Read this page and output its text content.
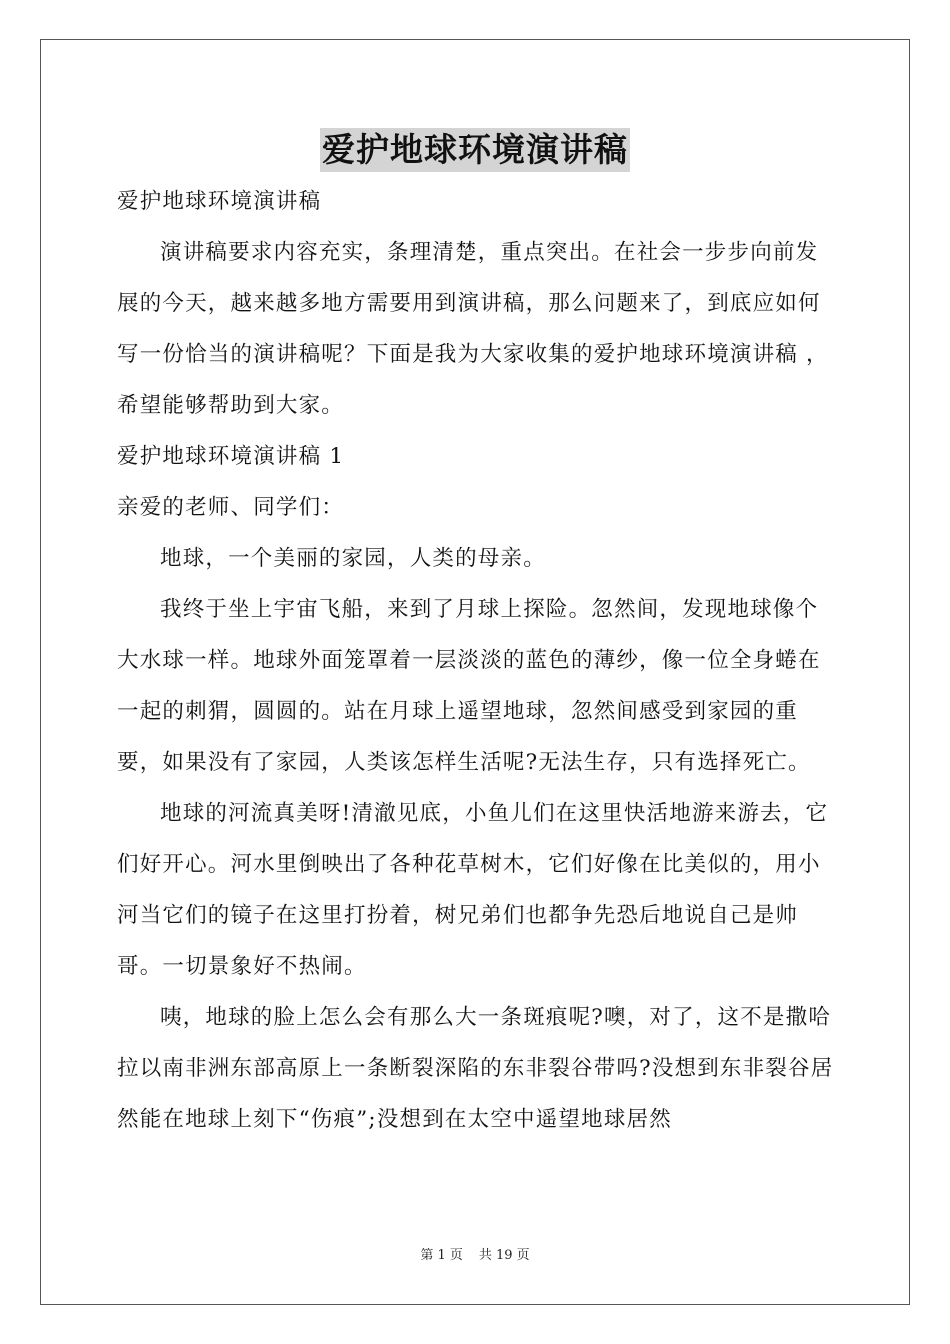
爱护地球环境演讲稿

爱护地球环境演讲稿

演讲稿要求内容充实，条理清楚，重点突出。在社会一步步向前发展的今天，越来越多地方需要用到演讲稿，那么问题来了，到底应如何写一份恰当的演讲稿呢？下面是我为大家收集的爱护地球环境演讲稿 ，希望能够帮助到大家。

爱护地球环境演讲稿 1

亲爱的老师、同学们：

地球，一个美丽的家园，人类的母亲。

我终于坐上宇宙飞船，来到了月球上探险。忽然间，发现地球像个大水球一样。地球外面笼罩着一层淡淡的蓝色的薄纱，像一位全身蜷在一起的刺猬，圆圆的。站在月球上遥望地球，忽然间感受到家园的重要，如果没有了家园，人类该怎样生活呢?无法生存，只有选择死亡。

地球的河流真美呀!清澈见底，小鱼儿们在这里快活地游来游去，它们好开心。河水里倒映出了各种花草树木，它们好像在比美似的，用小河当它们的镜子在这里打扮着，树兄弟们也都争先恐后地说自己是帅哥。一切景象好不热闹。

咦，地球的脸上怎么会有那么大一条斑痕呢?噢，对了，这不是撒哈拉以南非洲东部高原上一条断裂深陷的东非裂谷带吗?没想到东非裂谷居然能在地球上刻下“伤痕”;没想到在太空中遥望地球居然

第 1 页 共 19 页
